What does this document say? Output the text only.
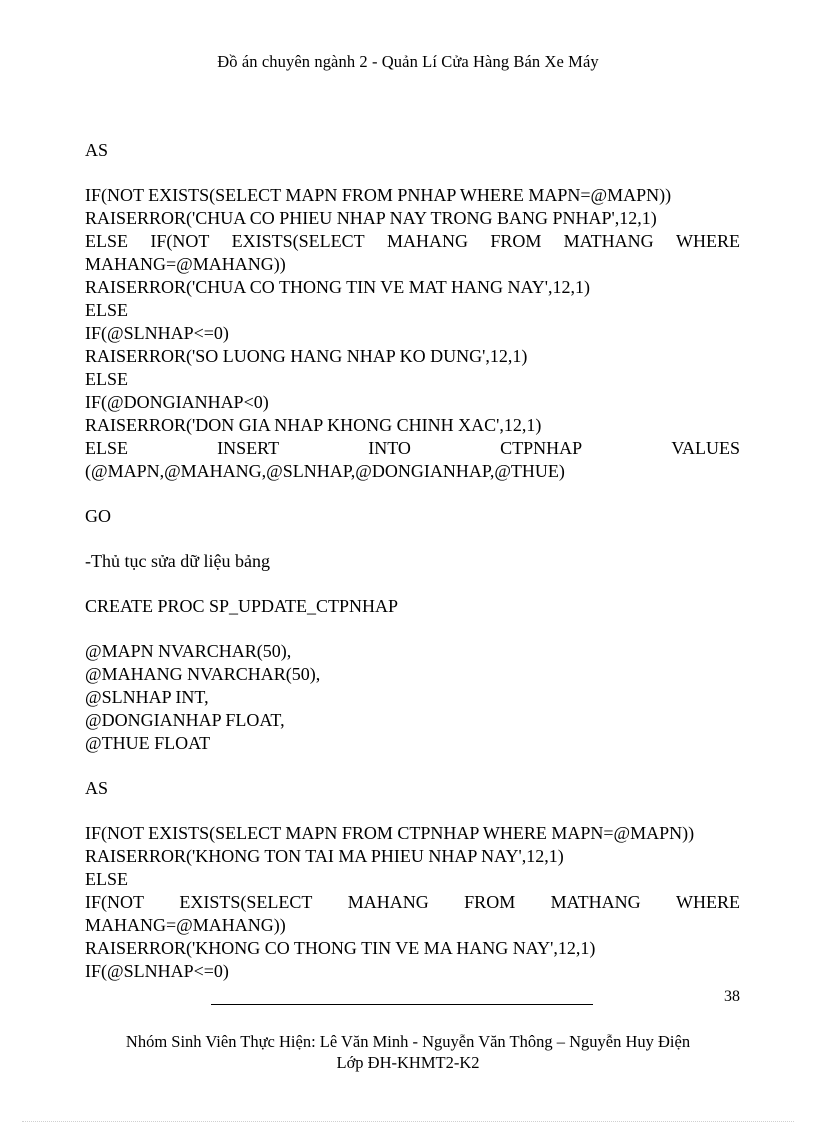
Đồ án chuyên ngành 2 - Quản Lí Cửa Hàng Bán Xe Máy
AS
IF(NOT EXISTS(SELECT MAPN FROM PNHAP WHERE MAPN=@MAPN))
RAISERROR('CHUA CO PHIEU NHAP NAY TRONG BANG PNHAP',12,1)
ELSE IF(NOT EXISTS(SELECT MAHANG FROM MATHANG WHERE
MAHANG=@MAHANG))
RAISERROR('CHUA CO THONG TIN VE MAT HANG NAY',12,1)
ELSE
IF(@SLNHAP<=0)
RAISERROR('SO LUONG HANG NHAP KO DUNG',12,1)
ELSE
IF(@DONGIANHAP<0)
RAISERROR('DON GIA NHAP KHONG CHINH XAC',12,1)
ELSE	INSERT	INTO	CTPNHAP	VALUES
(@MAPN,@MAHANG,@SLNHAP,@DONGIANHAP,@THUE)
GO
-Thủ tục sửa dữ liệu bảng
CREATE PROC SP_UPDATE_CTPNHAP
@MAPN NVARCHAR(50),
@MAHANG NVARCHAR(50),
@SLNHAP INT,
@DONGIANHAP FLOAT,
@THUE FLOAT
AS
IF(NOT EXISTS(SELECT MAPN FROM CTPNHAP WHERE MAPN=@MAPN))
RAISERROR('KHONG TON TAI MA PHIEU NHAP NAY',12,1)
ELSE
IF(NOT EXISTS(SELECT MAHANG FROM MATHANG WHERE
MAHANG=@MAHANG))
RAISERROR('KHONG CO THONG TIN VE MA HANG NAY',12,1)
IF(@SLNHAP<=0)
38
Nhóm Sinh Viên Thực Hiện: Lê Văn Minh - Nguyễn Văn Thông – Nguyễn Huy Điện
Lớp ĐH-KHMT2-K2
